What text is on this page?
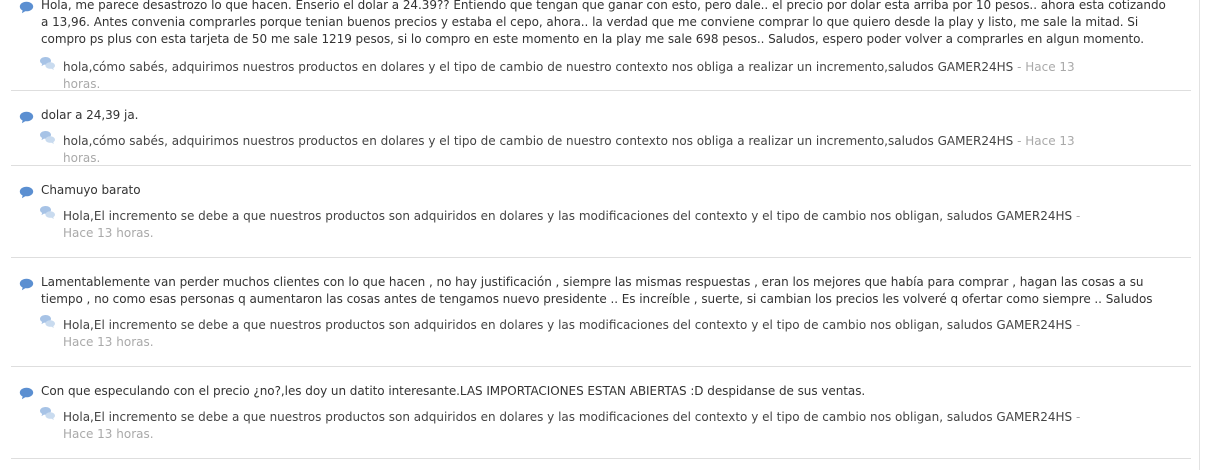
Hola, me parece desastrozo lo que hacen. Enserio el dolar a 24.39?? Entiendo que tengan que ganar con esto, pero dale.. el precio por dolar esta arriba por 10 pesos.. ahora esta cotizando a 13,96. Antes convenia comprarles porque tenian buenos precios y estaba el cepo, ahora.. la verdad que me conviene comprar lo que quiero desde la play y listo, me sale la mitad. Si compro ps plus con esta tarjeta de 50 me sale 1219 pesos, si lo compro en este momento en la play me sale 698 pesos.. Saludos, espero poder volver a comprarles en algun momento.
hola,cómo sabés, adquirimos nuestros productos en dolares y el tipo de cambio de nuestro contexto nos obliga a realizar un incremento,saludos GAMER24HS - Hace 13 horas.
dolar a 24,39 ja.
hola,cómo sabés, adquirimos nuestros productos en dolares y el tipo de cambio de nuestro contexto nos obliga a realizar un incremento,saludos GAMER24HS - Hace 13 horas.
Chamuyo barato
Hola,El incremento se debe a que nuestros productos son adquiridos en dolares y las modificaciones del contexto y el tipo de cambio nos obligan, saludos GAMER24HS - Hace 13 horas.
Lamentablemente van perder muchos clientes con lo que hacen , no hay justificación , siempre las mismas respuestas , eran los mejores que había para comprar , hagan las cosas a su tiempo , no como esas personas q aumentaron las cosas antes de tengamos nuevo presidente .. Es increíble , suerte, si cambian los precios les volveré q ofertar como siempre .. Saludos
Hola,El incremento se debe a que nuestros productos son adquiridos en dolares y las modificaciones del contexto y el tipo de cambio nos obligan, saludos GAMER24HS - Hace 13 horas.
Con que especulando con el precio ¿no?,les doy un datito interesante.LAS IMPORTACIONES ESTAN ABIERTAS :D despidanse de sus ventas.
Hola,El incremento se debe a que nuestros productos son adquiridos en dolares y las modificaciones del contexto y el tipo de cambio nos obligan, saludos GAMER24HS - Hace 13 horas.
